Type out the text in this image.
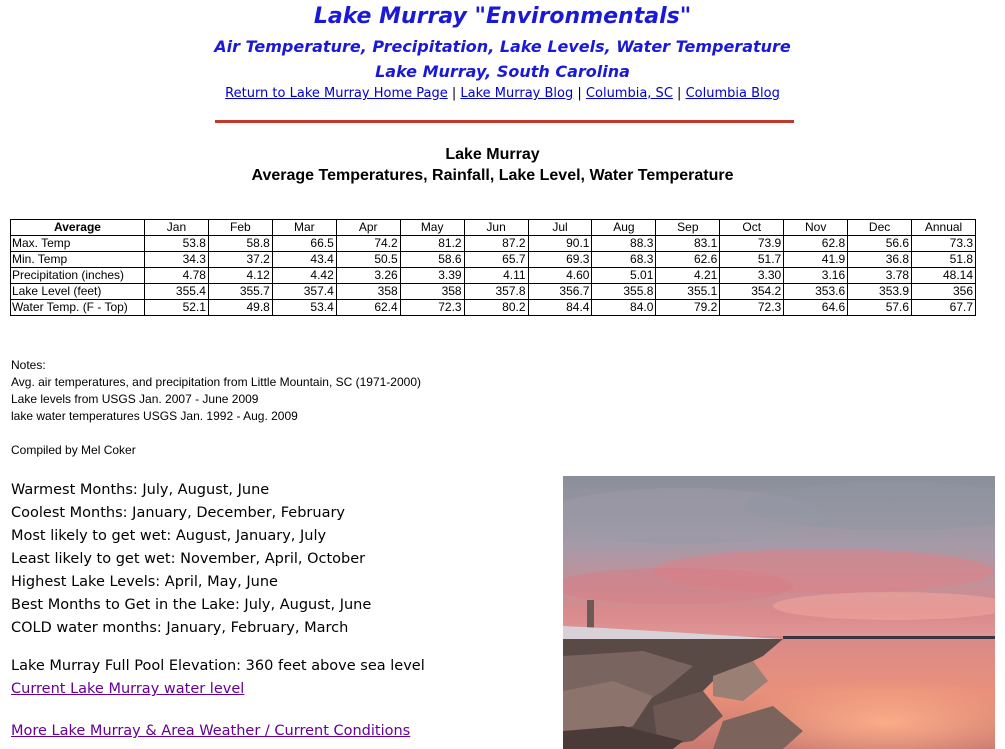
Lake Murray "Environmentals"
Air Temperature, Precipitation, Lake Levels, Water Temperature
Lake Murray, South Carolina
Return to Lake Murray Home Page | Lake Murray Blog | Columbia, SC | Columbia Blog
Lake Murray
Average Temperatures, Rainfall, Lake Level, Water Temperature
Average	Jan	Feb	Mar	Apr	May	Jun	Jul	Aug	Sep	Oct	Nov	Dec	Annual
Max. Temp	53.8	58.8	66.5	74.2	81.2	87.2	90.1	88.3	83.1	73.9	62.8	56.6	73.3
Min. Temp	34.3	37.2	43.4	50.5	58.6	65.7	69.3	68.3	62.6	51.7	41.9	36.8	51.8
Precipitation (inches)	4.78	4.12	4.42	3.26	3.39	4.11	4.60	5.01	4.21	3.30	3.16	3.78	48.14
Lake Level (feet)	355.4	355.7	357.4	358	358	357.8	356.7	355.8	355.1	354.2	353.6	353.9	356
Water Temp. (F - Top)	52.1	49.8	53.4	62.4	72.3	80.2	84.4	84.0	79.2	72.3	64.6	57.6	67.7
Notes:
Avg. air temperatures, and precipitation from Little Mountain, SC (1971-2000)
Lake levels from USGS Jan. 2007 - June 2009
lake water temperatures USGS Jan. 1992 - Aug. 2009
Compiled by Mel Coker
Warmest Months: July, August, June
Coolest Months: January, December, February
Most likely to get wet: August, January, July
Least likely to get wet: November, April, October
Highest Lake Levels: April, May, June
Best Months to Get in the Lake: July, August, June
COLD water months: January, February, March
Lake Murray Full Pool Elevation: 360 feet above sea level
Current Lake Murray water level
More Lake Murray & Area Weather / Current Conditions
